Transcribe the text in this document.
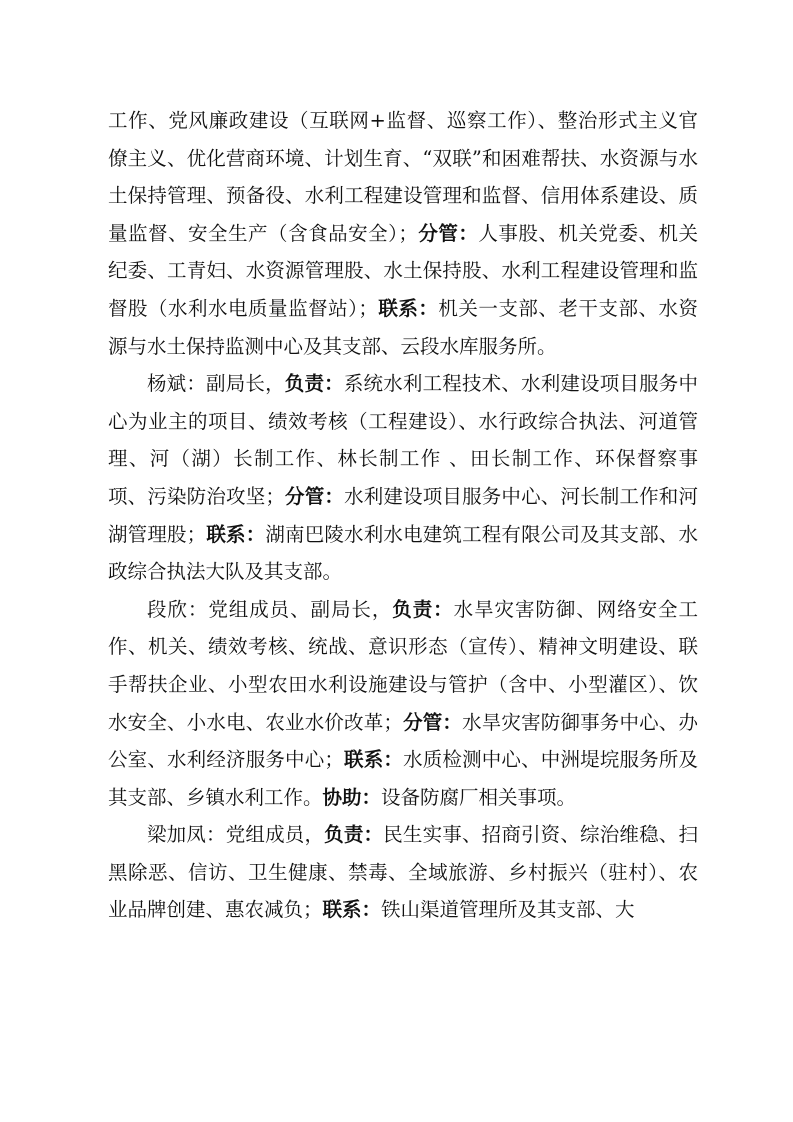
工作、党风廉政建设（互联网+监督、巡察工作）、整治形式主义官僚主义、优化营商环境、计划生育、“双联”和困难帮扶、水资源与水土保持管理、预备役、水利工程建设管理和监督、信用体系建设、质量监督、安全生产（含食品安全）；分管：人事股、机关党委、机关纪委、工青妇、水资源管理股、水土保持股、水利工程建设管理和监督股（水利水电质量监督站）；联系：机关一支部、老干支部、水资源与水土保持监测中心及其支部、云段水库服务所。

杨斌：副局长，负责：系统水利工程技术、水利建设项目服务中心为业主的项目、绩效考核（工程建设）、水行政综合执法、河道管理、河（湖）长制工作、林长制工作 、田长制工作、环保督察事项、污染防治攻坚；分管：水利建设项目服务中心、河长制工作和河湖管理股；联系：湖南巴陵水利水电建筑工程有限公司及其支部、水政综合执法大队及其支部。

段欣：党组成员、副局长，负责：水旱灾害防御、网络安全工作、机关、绩效考核、统战、意识形态（宣传）、精神文明建设、联手帮扶企业、小型农田水利设施建设与管护（含中、小型灌区）、饮水安全、小水电、农业水价改革；分管：水旱灾害防御事务中心、办公室、水利经济服务中心；联系：水质检测中心、中洲堤垸服务所及其支部、乡镇水利工作。协助：设备防腐厂相关事项。

梁加凤：党组成员，负责：民生实事、招商引资、综治维稳、扫黑除恶、信访、卫生健康、禁毒、全域旅游、乡村振兴（驻村）、农业品牌创建、惠农减负；联系：铁山渠道管理所及其支部、大
